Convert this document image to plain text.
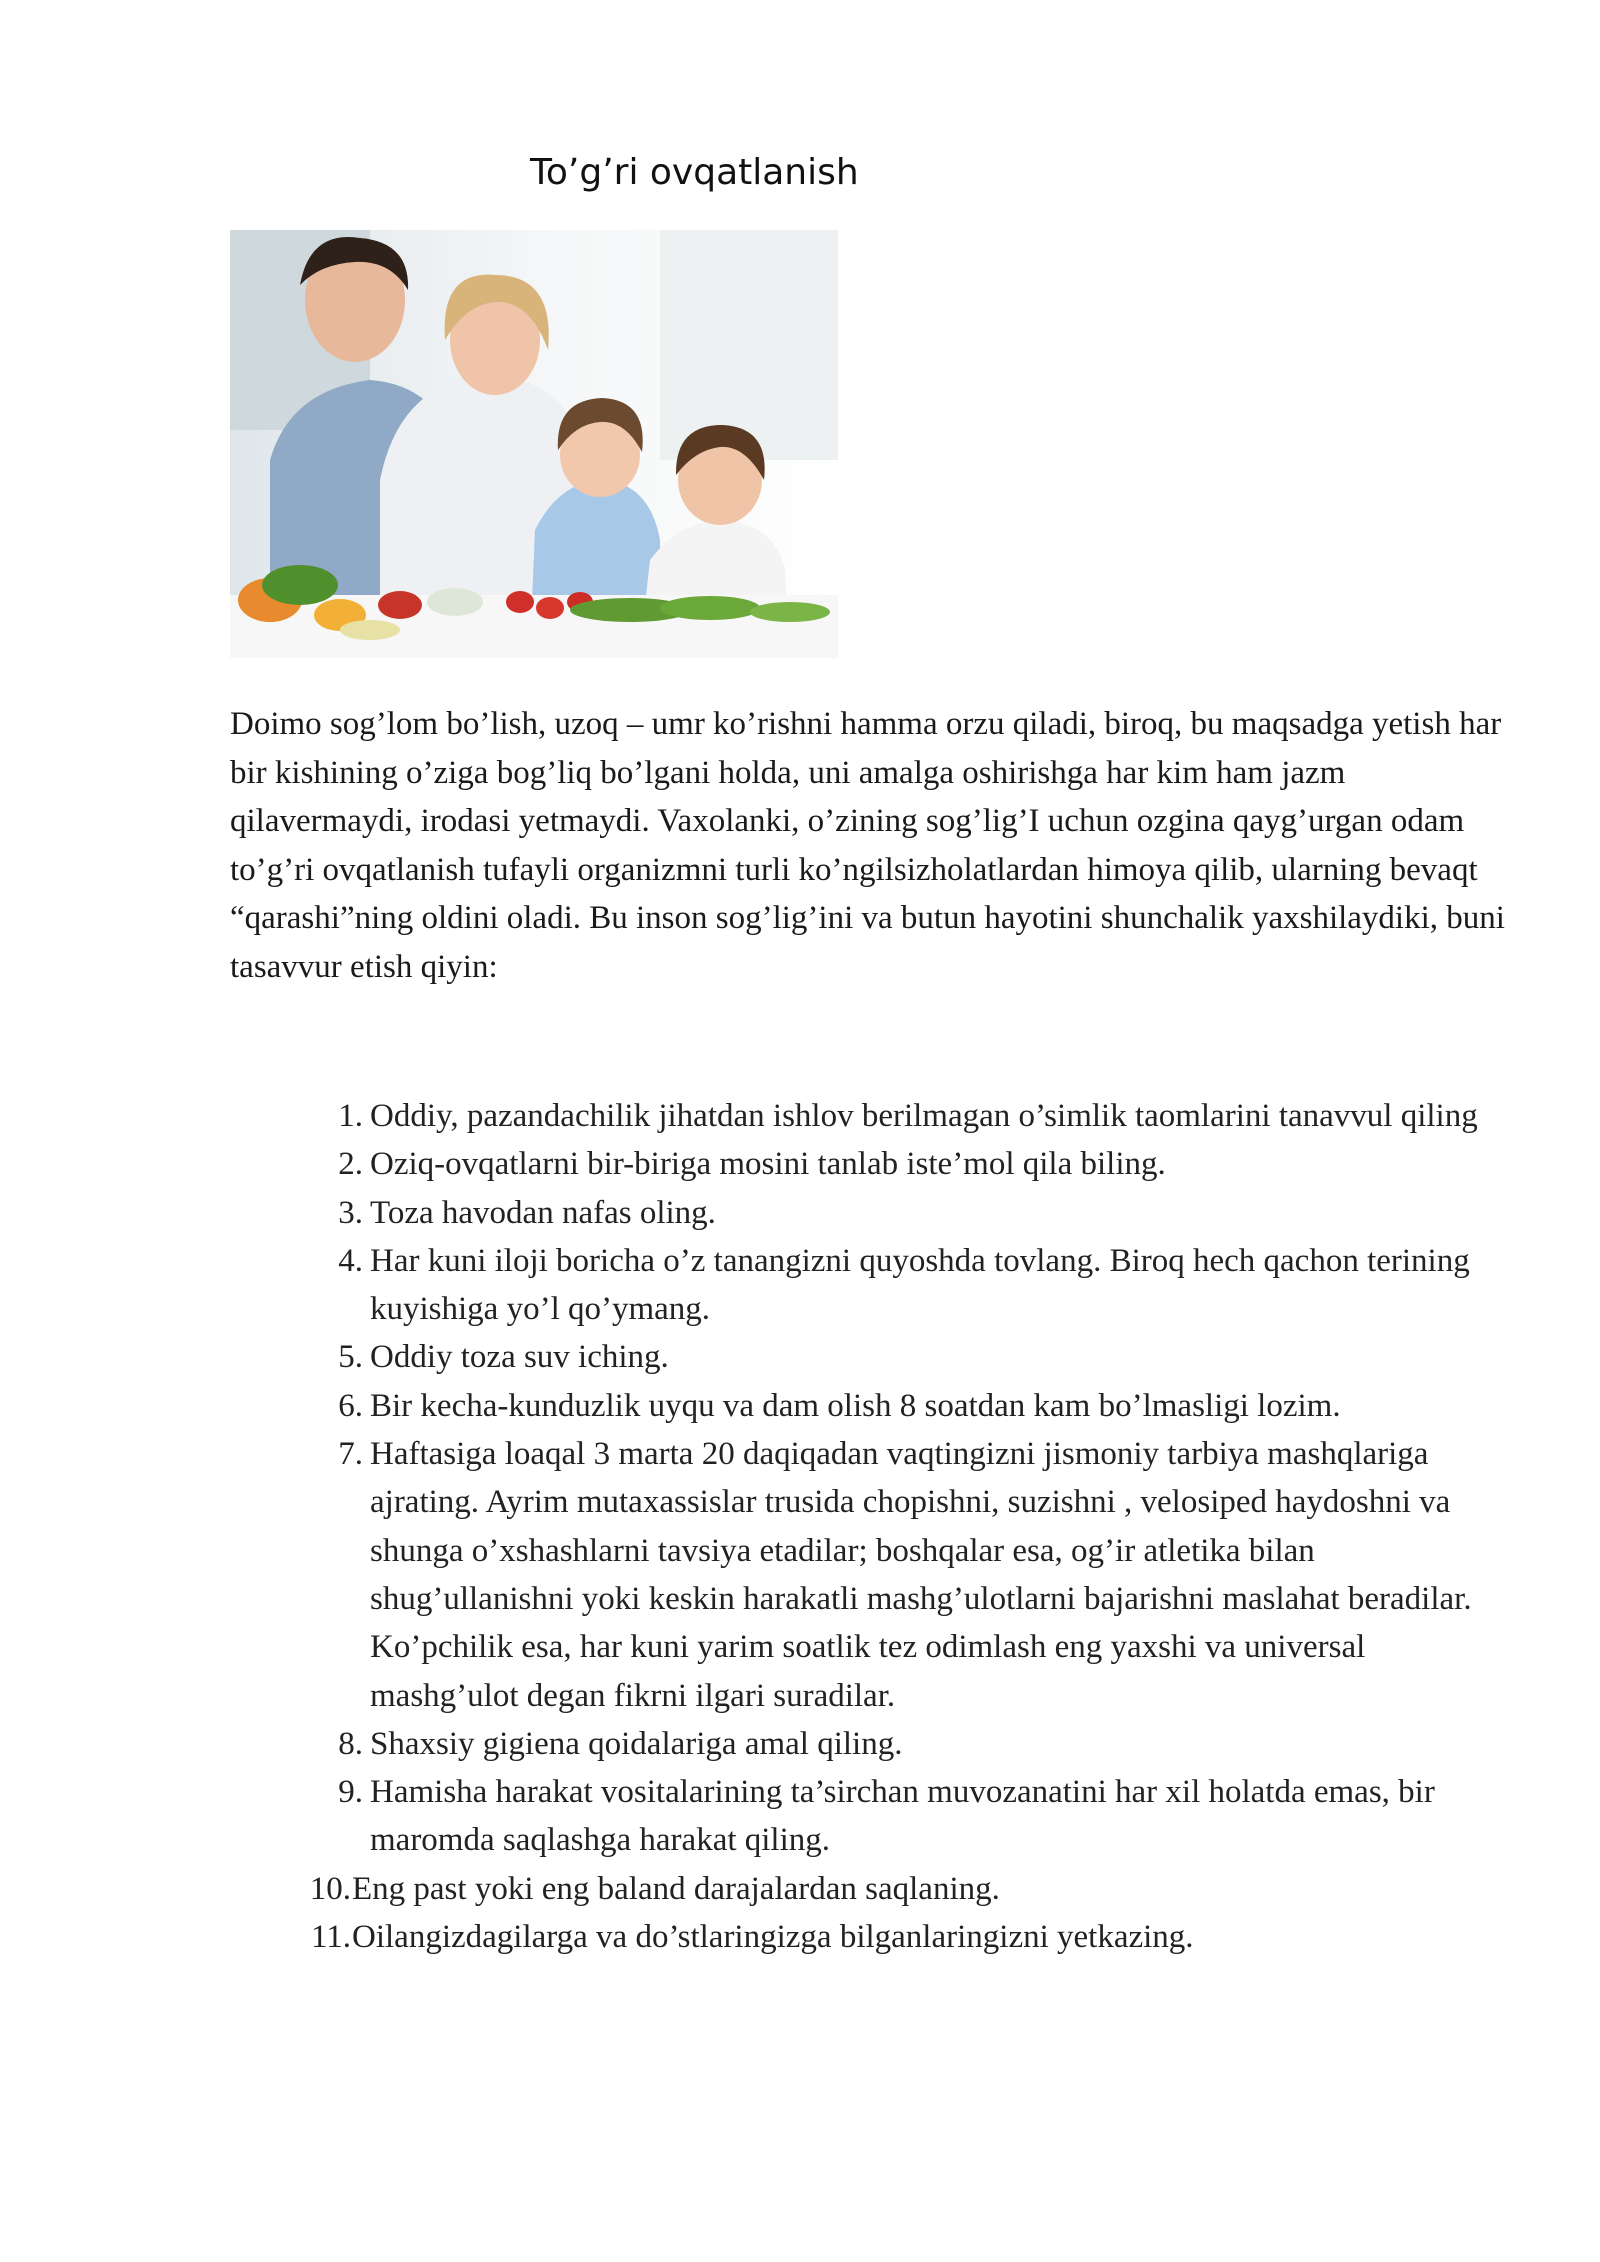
To’g’ri ovqatlanish

Doimo sog’lom bo’lish, uzoq – umr ko’rishni hamma orzu qiladi, biroq, bu maqsadga yetish har bir kishining o’ziga bog’liq bo’lgani holda, uni amalga oshirishga har kim ham jazm qilavermaydi, irodasi yetmaydi. Vaxolanki, o’zining sog’lig’I uchun ozgina qayg’urgan odam to’g’ri ovqatlanish tufayli organizmni turli ko’ngilsizholatlardan himoya qilib, ularning bevaqt “qarashi”ning oldini oladi. Bu inson sog’lig’ini va butun hayotini shunchalik yaxshilaydiki, buni tasavvur etish qiyin:

1. Oddiy, pazandachilik jihatdan ishlov berilmagan o’simlik taomlarini tanavvul qiling
2. Oziq-ovqatlarni bir-biriga mosini tanlab iste’mol qila biling.
3. Toza havodan nafas oling.
4. Har kuni iloji boricha o’z tanangizni quyoshda tovlang. Biroq hech qachon terining kuyishiga yo’l qo’ymang.
5. Oddiy toza suv iching.
6. Bir kecha-kunduzlik uyqu va dam olish 8 soatdan kam bo’lmasligi lozim.
7. Haftasiga loaqal 3 marta 20 daqiqadan vaqtingizni jismoniy tarbiya mashqlariga ajrating. Ayrim mutaxassislar trusida chopishni, suzishni , velosiped haydoshni va shunga o’xshashlarni tavsiya etadilar; boshqalar esa, og’ir atletika bilan shug’ullanishni yoki keskin harakatli mashg’ulotlarni bajarishni maslahat beradilar. Ko’pchilik esa, har kuni yarim soatlik tez odimlash eng yaxshi va universal mashg’ulot degan fikrni ilgari suradilar.
8. Shaxsiy gigiena qoidalariga amal qiling.
9. Hamisha harakat vositalarining ta’sirchan muvozanatini har xil holatda emas, bir maromda saqlashga harakat qiling.
10. Eng past yoki eng baland darajalardan saqlaning.
11. Oilangizdagilarga va do’stlaringizga bilganlaringizni yetkazing.
